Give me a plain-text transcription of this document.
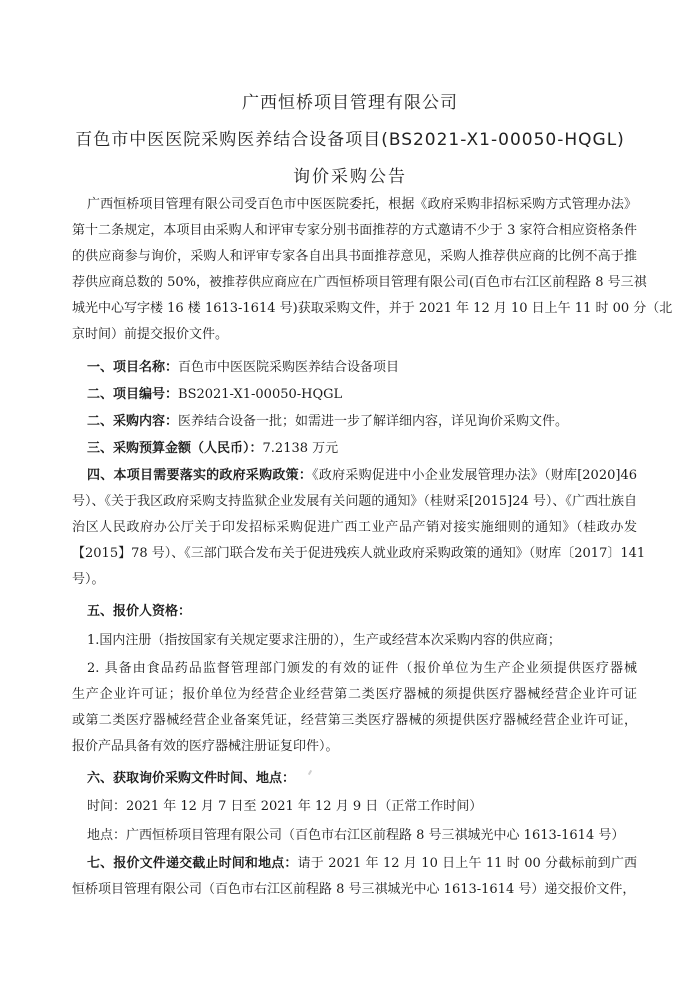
广西恒桥项目管理有限公司
百色市中医医院采购医养结合设备项目(BS2021-X1-00050-HQGL)
询价采购公告
广西恒桥项目管理有限公司受百色市中医医院委托，根据《政府采购非招标采购方式管理办法》
第十二条规定，本项目由采购人和评审专家分别书面推荐的方式邀请不少于 3 家符合相应资格条件
的供应商参与询价，采购人和评审专家各自出具书面推荐意见，采购人推荐供应商的比例不高于推
荐供应商总数的 50%，被推荐供应商应在广西恒桥项目管理有限公司(百色市右江区前程路 8 号三祺
城光中心写字楼 16 楼 1613-1614 号)获取采购文件，并于 2021 年 12 月 10 日上午 11 时 00 分（北
京时间）前提交报价文件。
一、项目名称：百色市中医医院采购医养结合设备项目
二、项目编号：BS2021-X1-00050-HQGL
二、采购内容：医养结合设备一批；如需进一步了解详细内容，详见询价采购文件。
三、采购预算金额（人民币）：7.2138 万元
四、本项目需要落实的政府采购政策：《政府采购促进中小企业发展管理办法》（财库[2020]46
号）、《关于我区政府采购支持监狱企业发展有关问题的通知》（桂财采[2015]24 号）、《广西壮族自
治区人民政府办公厅关于印发招标采购促进广西工业产品产销对接实施细则的通知》（桂政办发
【2015】78 号）、《三部门联合发布关于促进残疾人就业政府采购政策的通知》（财库〔2017〕141
号）。
五、报价人资格：
1.国内注册（指按国家有关规定要求注册的），生产或经营本次采购内容的供应商；
2. 具备由食品药品监督管理部门颁发的有效的证件（报价单位为生产企业须提供医疗器械
生产企业许可证；报价单位为经营企业经营第二类医疗器械的须提供医疗器械经营企业许可证
或第二类医疗器械经营企业备案凭证，经营第三类医疗器械的须提供医疗器械经营企业许可证，
报价产品具备有效的医疗器械注册证复印件）。
六、获取询价采购文件时间、地点：
时间：2021 年 12 月 7 日至 2021 年 12 月 9 日（正常工作时间）
地点：广西恒桥项目管理有限公司（百色市右江区前程路 8 号三祺城光中心 1613-1614 号）
七、报价文件递交截止时间和地点：请于 2021 年 12 月 10 日上午 11 时 00 分截标前到广西
恒桥项目管理有限公司（百色市右江区前程路 8 号三祺城光中心 1613-1614 号）递交报价文件，
